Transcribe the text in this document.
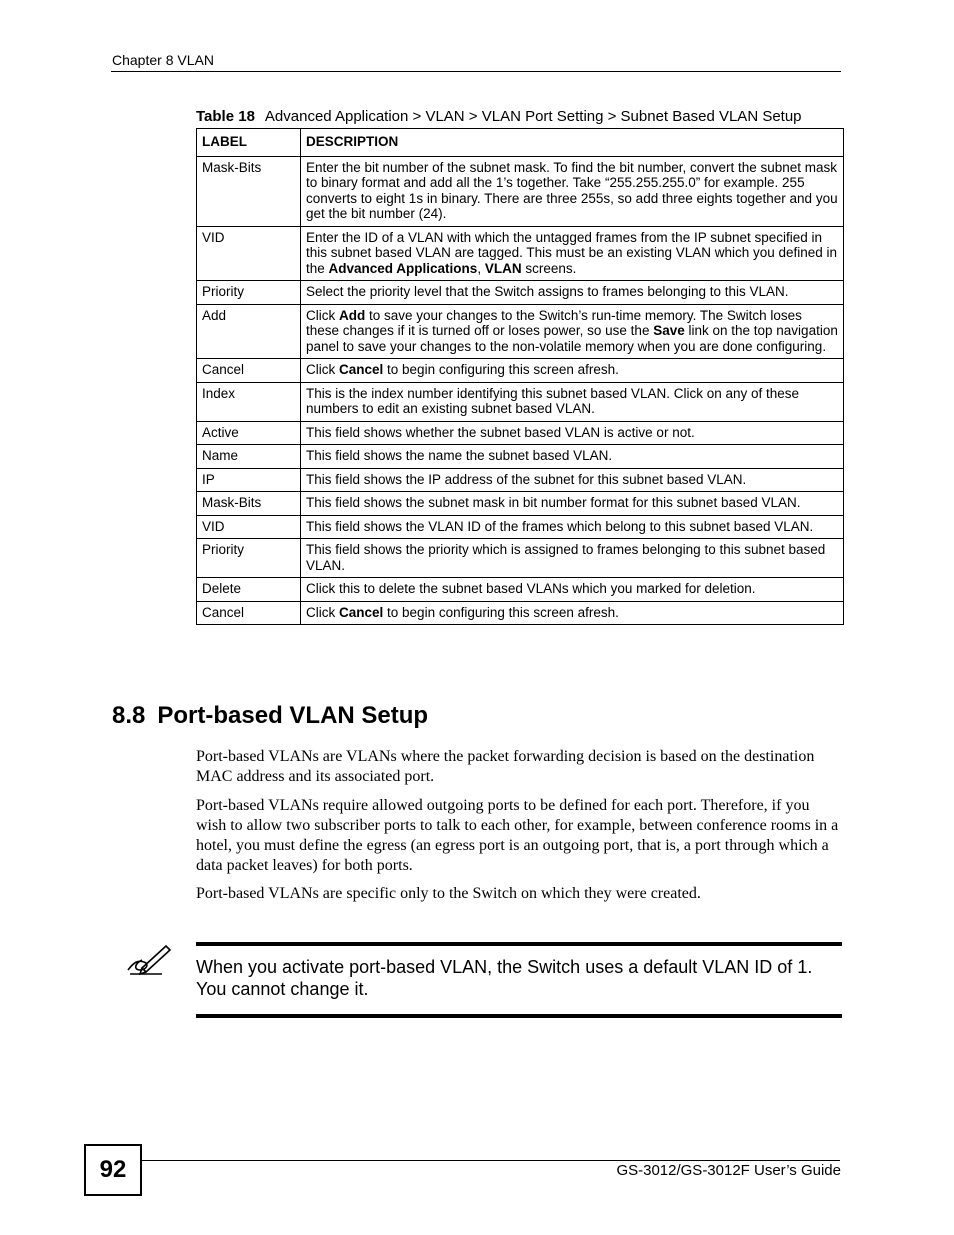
Chapter 8 VLAN
Table 18 Advanced Application > VLAN > VLAN Port Setting > Subnet Based VLAN Setup
LABEL	DESCRIPTION
Mask-Bits	Enter the bit number of the subnet mask. To find the bit number, convert the subnet mask to binary format and add all the 1’s together. Take “255.255.255.0” for example. 255 converts to eight 1s in binary. There are three 255s, so add three eights together and you get the bit number (24).
VID	Enter the ID of a VLAN with which the untagged frames from the IP subnet specified in this subnet based VLAN are tagged. This must be an existing VLAN which you defined in the Advanced Applications, VLAN screens.
Priority	Select the priority level that the Switch assigns to frames belonging to this VLAN.
Add	Click Add to save your changes to the Switch’s run-time memory. The Switch loses these changes if it is turned off or loses power, so use the Save link on the top navigation panel to save your changes to the non-volatile memory when you are done configuring.
Cancel	Click Cancel to begin configuring this screen afresh.
Index	This is the index number identifying this subnet based VLAN. Click on any of these numbers to edit an existing subnet based VLAN.
Active	This field shows whether the subnet based VLAN is active or not.
Name	This field shows the name the subnet based VLAN.
IP	This field shows the IP address of the subnet for this subnet based VLAN.
Mask-Bits	This field shows the subnet mask in bit number format for this subnet based VLAN.
VID	This field shows the VLAN ID of the frames which belong to this subnet based VLAN.
Priority	This field shows the priority which is assigned to frames belonging to this subnet based VLAN.
Delete	Click this to delete the subnet based VLANs which you marked for deletion.
Cancel	Click Cancel to begin configuring this screen afresh.
8.8 Port-based VLAN Setup
Port-based VLANs are VLANs where the packet forwarding decision is based on the destination MAC address and its associated port.
Port-based VLANs require allowed outgoing ports to be defined for each port. Therefore, if you wish to allow two subscriber ports to talk to each other, for example, between conference rooms in a hotel, you must define the egress (an egress port is an outgoing port, that is, a port through which a data packet leaves) for both ports.
Port-based VLANs are specific only to the Switch on which they were created.
When you activate port-based VLAN, the Switch uses a default VLAN ID of 1. You cannot change it.
92	GS-3012/GS-3012F User’s Guide
